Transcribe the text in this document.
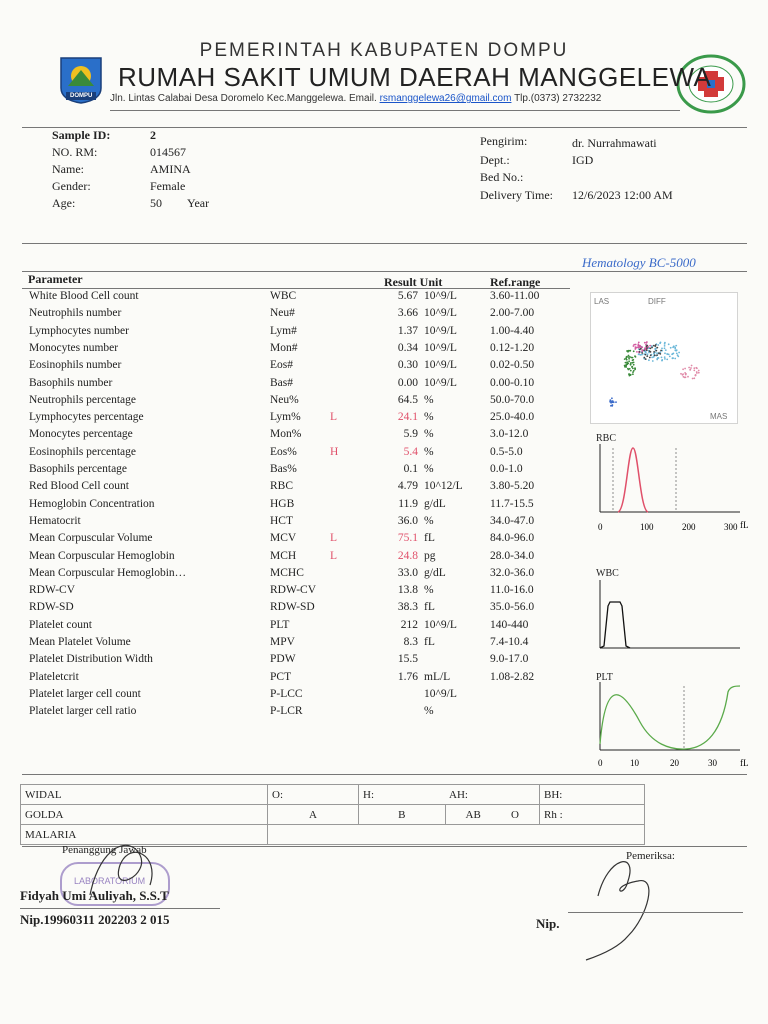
DOMPU
PEMERINTAH KABUPATEN DOMPU
RUMAH SAKIT UMUM DAERAH MANGGELEWA
Jln. Lintas Calabai Desa Doromelo Kec.Manggelewa. Email. rsmanggelewa26@gmail.com Tlp.(0373) 2732232
Sample ID:	2
NO. RM:	014567
Name:	AMINA
Gender:	Female
Age:	50 Year
Pengirim:	dr. Nurrahmawati
Dept.:	IGD
Bed No.:
Delivery Time: 12/6/2023 12:00 AM
Hematology BC-5000
Parameter	Result Unit	Ref.range
White Blood Cell count	WBC	5.67 10^9/L	3.60-11.00
Neutrophils number	Neu#	3.66 10^9/L	2.00-7.00
Lymphocytes number	Lym#	1.37 10^9/L	1.00-4.40
Monocytes number	Mon#	0.34 10^9/L	0.12-1.20
Eosinophils number	Eos#	0.30 10^9/L	0.02-0.50
Basophils number	Bas#	0.00 10^9/L	0.00-0.10
Neutrophils percentage	Neu%	64.5 %	50.0-70.0
Lymphocytes percentage	Lym%	L	24.1 %	25.0-40.0
Monocytes percentage	Mon%	5.9 %	3.0-12.0
Eosinophils percentage	Eos%	H	5.4 %	0.5-5.0
Basophils percentage	Bas%	0.1 %	0.0-1.0
Red Blood Cell count	RBC	4.79 10^12/L 3.80-5.20
Hemoglobin Concentration	HGB	11.9 g/dL	11.7-15.5
Hematocrit	HCT	36.0 %	34.0-47.0
Mean Corpuscular Volume	MCV	L	75.1 fL	84.0-96.0
Mean Corpuscular Hemoglobin	MCH	L	24.8 pg	28.0-34.0
Mean Corpuscular Hemoglobin…	MCHC	33.0 g/dL	32.0-36.0
RDW-CV	RDW-CV	13.8 %	11.0-16.0
RDW-SD	RDW-SD	38.3 fL	35.0-56.0
Platelet count	PLT	212 10^9/L	140-440
Mean Platelet Volume	MPV	8.3 fL	7.4-10.4
Platelet Distribution Width	PDW	15.5	9.0-17.0
Plateletcrit	PCT	1.76 mL/L	1.08-2.82
Platelet larger cell count	P-LCC	10^9/L
Platelet larger cell ratio	P-LCR	%
LAS	DIFF
MAS
RBC
0	100	200	300 fL
WBC
PLT
0	10	20	30	fL
WIDAL	O:	H:	AH:	BH:
GOLDA	A	B	AB O	Rh :
MALARIA				
Penanggung Jawab
LABORATORIUM
Fidyah Umi Auliyah, S.S.T
Nip.19960311 202203 2 015
Pemeriksa:
Nip.
